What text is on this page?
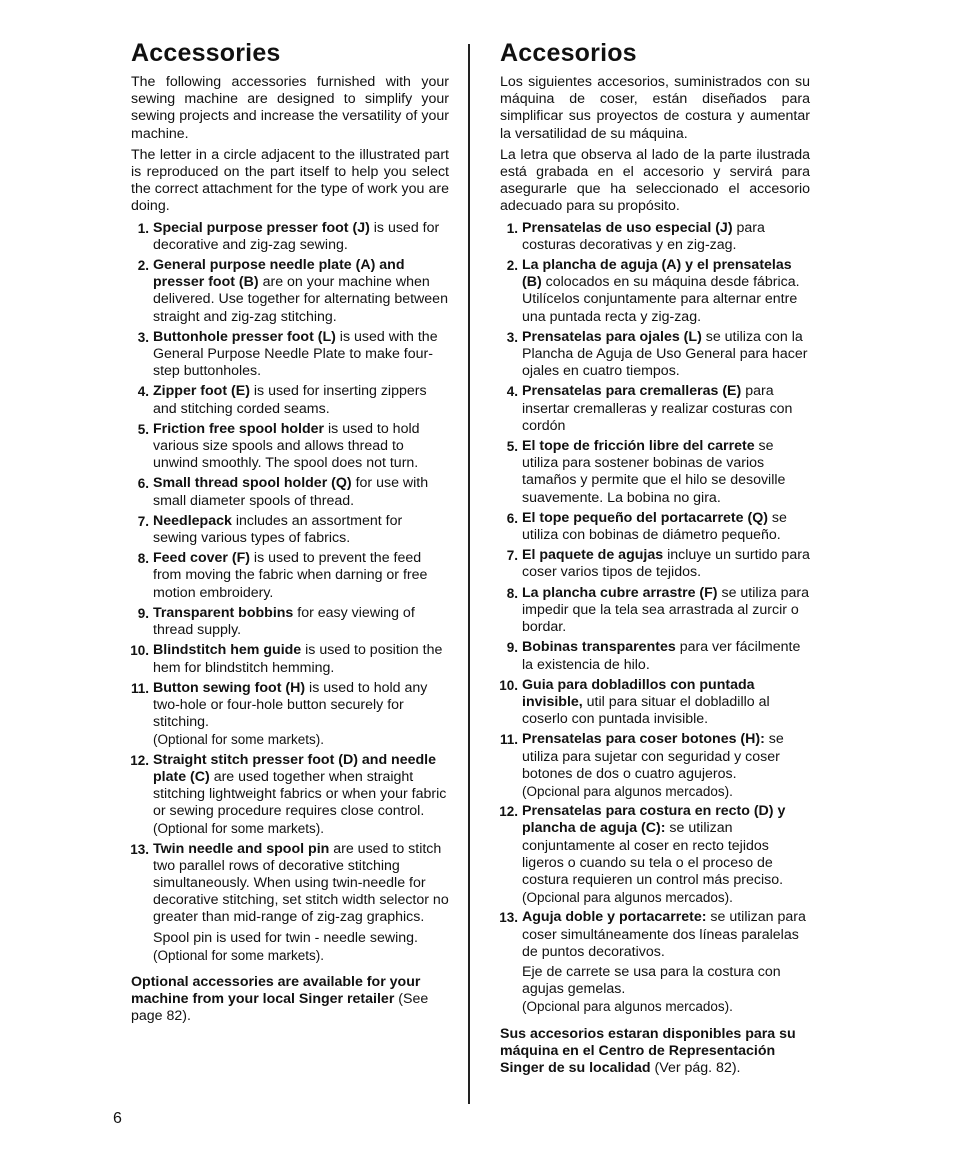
Accessories

The following accessories furnished with your sewing machine are designed to simplify your sewing projects and increase the versatility of your machine.

The letter in a circle adjacent to the illustrated part is reproduced on the part itself to help you select the correct attachment for the type of work you are doing.

1. Special purpose presser foot (J) is used for decorative and zig-zag sewing.
2. General purpose needle plate (A) and presser foot (B) are on your machine when delivered. Use together for alternating between straight and zig-zag stitching.
3. Buttonhole presser foot (L) is used with the General Purpose Needle Plate to make four-step buttonholes.
4. Zipper foot (E) is used for inserting zippers and stitching corded seams.
5. Friction free spool holder is used to hold various size spools and allows thread to unwind smoothly. The spool does not turn.
6. Small thread spool holder (Q) for use with small diameter spools of thread.
7. Needlepack includes an assortment for sewing various types of fabrics.
8. Feed cover (F) is used to prevent the feed from moving the fabric when darning or free motion embroidery.
9. Transparent bobbins for easy viewing of thread supply.
10. Blindstitch hem guide is used to position the hem for blindstitch hemming.
11. Button sewing foot (H) is used to hold any two-hole or four-hole button securely for stitching.
(Optional for some markets).
12. Straight stitch presser foot (D) and needle plate (C) are used together when straight stitching lightweight fabrics or when your fabric or sewing procedure requires close control.
(Optional for some markets).
13. Twin needle and spool pin are used to stitch two parallel rows of decorative stitching simultaneously. When using twin-needle for decorative stitching, set stitch width selector no greater than mid-range of zig-zag graphics.
Spool pin is used for twin - needle sewing.
(Optional for some markets).

Optional accessories are available for your machine from your local Singer retailer (See page 82).

Accesorios

Los siguientes accesorios, suministrados con su máquina de coser, están diseñados para simplificar sus proyectos de costura y aumentar la versatilidad de su máquina.

La letra que observa al lado de la parte ilustrada está grabada en el accesorio y servirá para asegurarle que ha seleccionado el accesorio adecuado para su propósito.

1. Prensatelas de uso especial (J) para costuras decorativas y en zig-zag.
2. La plancha de aguja (A) y el prensatelas (B) colocados en su máquina desde fábrica. Utilícelos conjuntamente para alternar entre una puntada recta y zig-zag.
3. Prensatelas para ojales (L) se utiliza con la Plancha de Aguja de Uso General para hacer ojales en cuatro tiempos.
4. Prensatelas para cremalleras (E) para insertar cremalleras y realizar costuras con cordón
5. El tope de fricción libre del carrete se utiliza para sostener bobinas de varios tamaños y permite que el hilo se desoville suavemente. La bobina no gira.
6. El tope pequeño del portacarrete (Q) se utiliza con bobinas de diámetro pequeño.
7. El paquete de agujas incluye un surtido para coser varios tipos de tejidos.
8. La plancha cubre arrastre (F) se utiliza para impedir que la tela sea arrastrada al zurcir o bordar.
9. Bobinas transparentes para ver fácilmente la existencia de hilo.
10. Guia para dobladillos con puntada invisible, util para situar el dobladillo al coserlo con puntada invisible.
11. Prensatelas para coser botones (H): se utiliza para sujetar con seguridad y coser botones de dos o cuatro agujeros.
(Opcional para algunos mercados).
12. Prensatelas para costura en recto (D) y plancha de aguja (C): se utilizan conjuntamente al coser en recto tejidos ligeros o cuando su tela o el proceso de costura requieren un control más preciso.
(Opcional para algunos mercados).
13. Aguja doble y portacarrete: se utilizan para coser simultáneamente dos líneas paralelas de puntos decorativos.
Eje de carrete se usa para la costura con agujas gemelas.
(Opcional para algunos mercados).

Sus accesorios estaran disponibles para su máquina en el Centro de Representación Singer de su localidad (Ver pág. 82).

6
